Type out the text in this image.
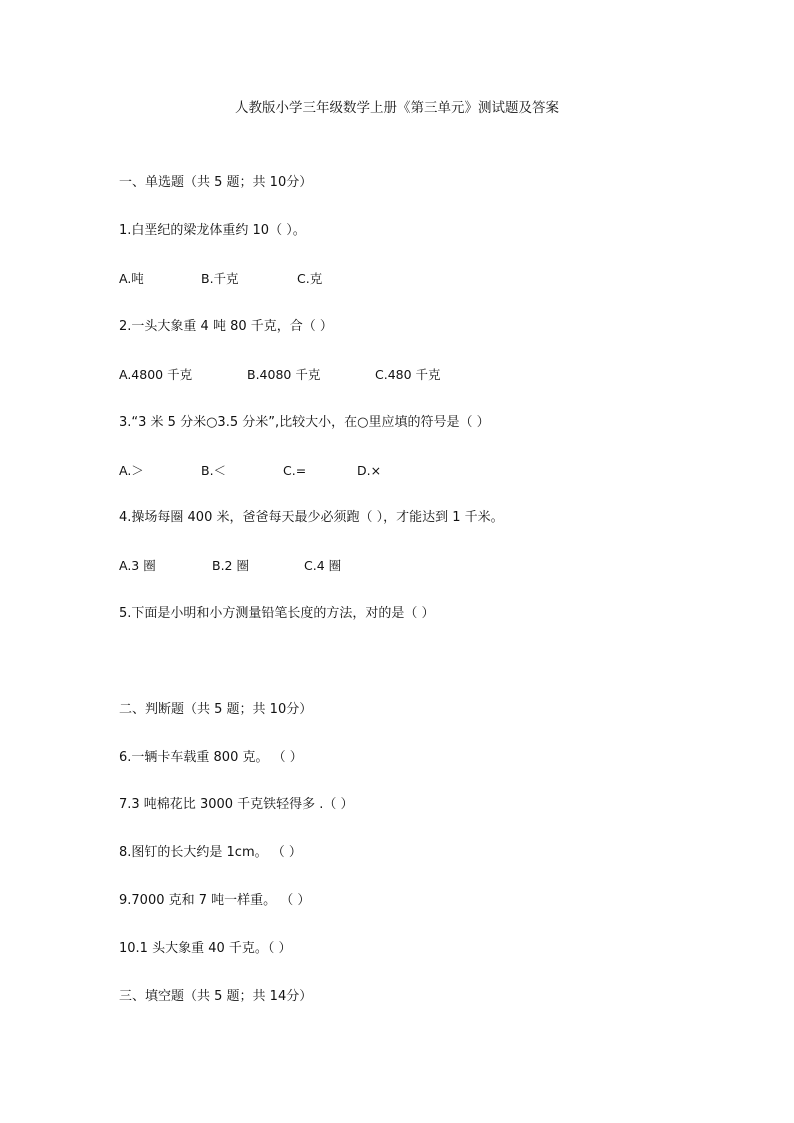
人教版小学三年级数学上册《第三单元》测试题及答案
一、单选题（共 5 题；共 10分）
1.白垩纪的梁龙体重约 10（ ）。
A.吨	B.千克	C.克
2.一头大象重 4 吨 80 千克，合（ ）
A.4800 千克	B.4080 千克	C.480 千克
3.“3 米 5 分米○3.5 分米”,比较大小，在○里应填的符号是（ ）
A.＞	B.＜	C.=	D.×
4.操场每圈 400 米，爸爸每天最少必须跑（ ），才能达到 1 千米。
A.3 圈	B.2 圈	C.4 圈
5.下面是小明和小方测量铅笔长度的方法，对的是（ ）
二、判断题（共 5 题；共 10分）
6.一辆卡车载重 800 克。 （ ）
7.3 吨棉花比 3000 千克铁轻得多 .（ ）
8.图钉的长大约是 1cm。 （ ）
9.7000 克和 7 吨一样重。 （ ）
10.1 头大象重 40 千克。（ ）
三、填空题（共 5 题；共 14分）
